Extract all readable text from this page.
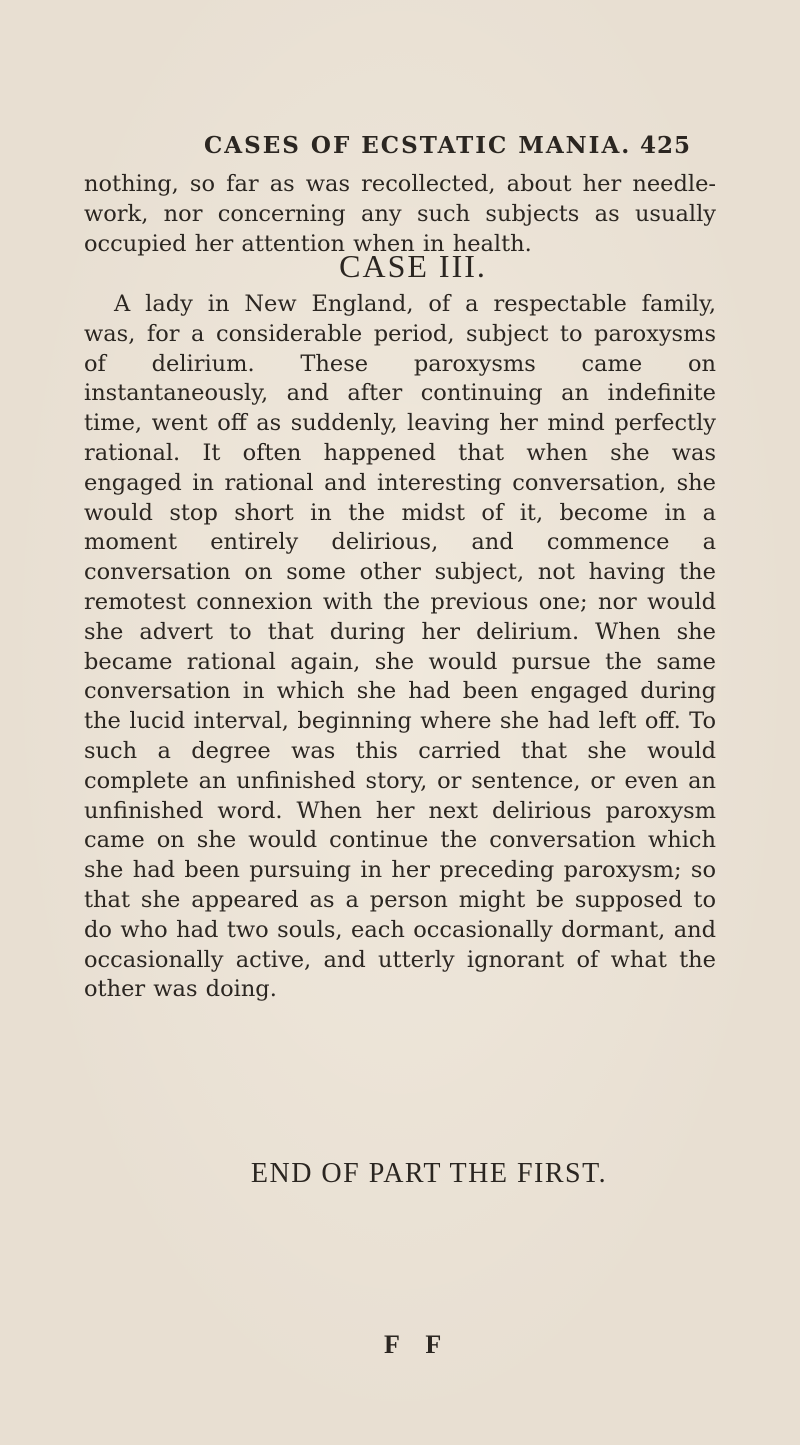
CASES OF ECSTATIC MANIA. 425

nothing, so far as was recollected, about her needle-work, nor concerning any such subjects as usually occupied her attention when in health.

CASE III.

A lady in New England, of a respectable family, was, for a considerable period, subject to paroxysms of delirium. These paroxysms came on instantaneously, and after continuing an indefinite time, went off as suddenly, leaving her mind perfectly rational. It often happened that when she was engaged in rational and interesting conversation, she would stop short in the midst of it, become in a moment entirely delirious, and commence a conversation on some other subject, not having the remotest connexion with the previous one; nor would she advert to that during her delirium. When she became rational again, she would pursue the same conversation in which she had been engaged during the lucid interval, beginning where she had left off. To such a degree was this carried that she would complete an unfinished story, or sentence, or even an unfinished word. When her next delirious paroxysm came on she would continue the conversation which she had been pursuing in her preceding paroxysm; so that she appeared as a person might be supposed to do who had two souls, each occasionally dormant, and occasionally active, and utterly ignorant of what the other was doing.

END OF PART THE FIRST.
F F
